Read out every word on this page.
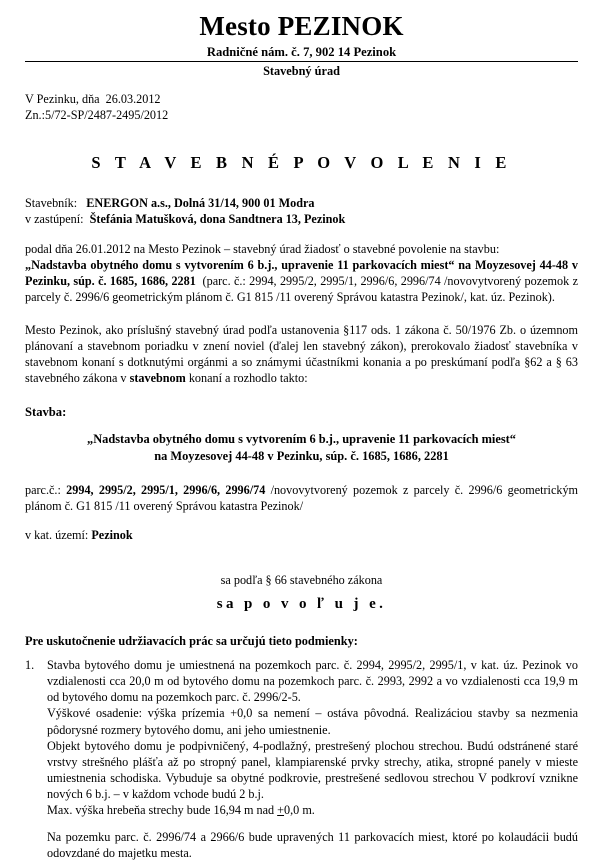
Mesto PEZINOK
Radničné nám. č. 7, 902 14 Pezinok
Stavebný úrad
V Pezinku, dňa  26.03.2012
Zn.:5/72-SP/2487-2495/2012
S T A V E B N É P O V O L E N I E
Stavebník: ENERGON a.s., Dolná 31/14, 900 01 Modra
v zastúpení: Štefánia Matušková, dona Sandtnera 13, Pezinok

podal dňa 26.01.2012 na Mesto Pezinok – stavebný úrad žiadosť o stavebné povolenie na stavbu:

„Nadstavba obytného domu s vytvorením 6 b.j., upravenie 11 parkovacích miest“ na Moyzesovej 44-48 v Pezinku, súp. č. 1685, 1686, 2281 (parc. č.: 2994, 2995/2, 2995/1, 2996/6, 2996/74 /novovytvorený pozemok z parcely č. 2996/6 geometrickým plánom č. G1 815 /11 overený Správou katastra Pezinok/, kat. úz. Pezinok).

Mesto Pezinok, ako príslušný stavebný úrad podľa ustanovenia §117 ods. 1 zákona č. 50/1976 Zb. o územnom plánovaní a stavebnom poriadku v znení noviel (ďalej len stavebný zákon), prerokovalo žiadosť stavebníka v stavebnom konaní s dotknutými orgánmi a so známymi účastníkmi konania a po preskúmaní podľa §62 a § 63 stavebného zákona v stavebnom konaní a rozhodlo takto:

Stavba:
„Nadstavba obytného domu s vytvorením 6 b.j., upravenie 11 parkovacích miest“
na Moyzesovej 44-48 v Pezinku, súp. č. 1685, 1686, 2281

parc.č.: 2994, 2995/2, 2995/1, 2996/6, 2996/74 /novovytvorený pozemok z parcely č. 2996/6 geometrickým plánom č. G1 815 /11 overený Správou katastra Pezinok/

v kat. území: Pezinok

sa podľa § 66 stavebného zákona
sa p o v o ľ u j e.
Pre uskutočnenie udržiavacích prác sa určujú tieto podmienky:
1.	Stavba bytového domu je umiestnená na pozemkoch parc. č. 2994, 2995/2, 2995/1, v kat. úz. Pezinok vo vzdialenosti cca 20,0 m od bytového domu na pozemkoch parc. č. 2993, 2992 a vo vzdialenosti cca 19,9 m od bytového domu na pozemkoch parc. č. 2996/2-5.

Výškové osadenie: výška prízemia +0,0 sa nemení – ostáva pôvodná. Realizáciou stavby sa nezmenia pôdorysné rozmery bytového domu, ani jeho umiestnenie.

Objekt bytového domu je podpivničený, 4-podlažný, prestrešený plochou strechou. Budú odstránené staré vrstvy strešného plášťa až po stropný panel, klampiarenské prvky strechy, atika, stropné panely v mieste umiestnenia schodiska. Vybuduje sa obytné podkrovie, prestrešené sedlovou strechou V podkroví vznikne nových 6 b.j. – v každom vchode budú 2 b.j.

Max. výška hrebeňa strechy bude 16,94 m nad +0,0 m.

Na pozemku parc. č. 2996/74 a 2966/6 bude upravených 11 parkovacích miest, ktoré po kolaudácii budú odovzdané do majetku mesta.
